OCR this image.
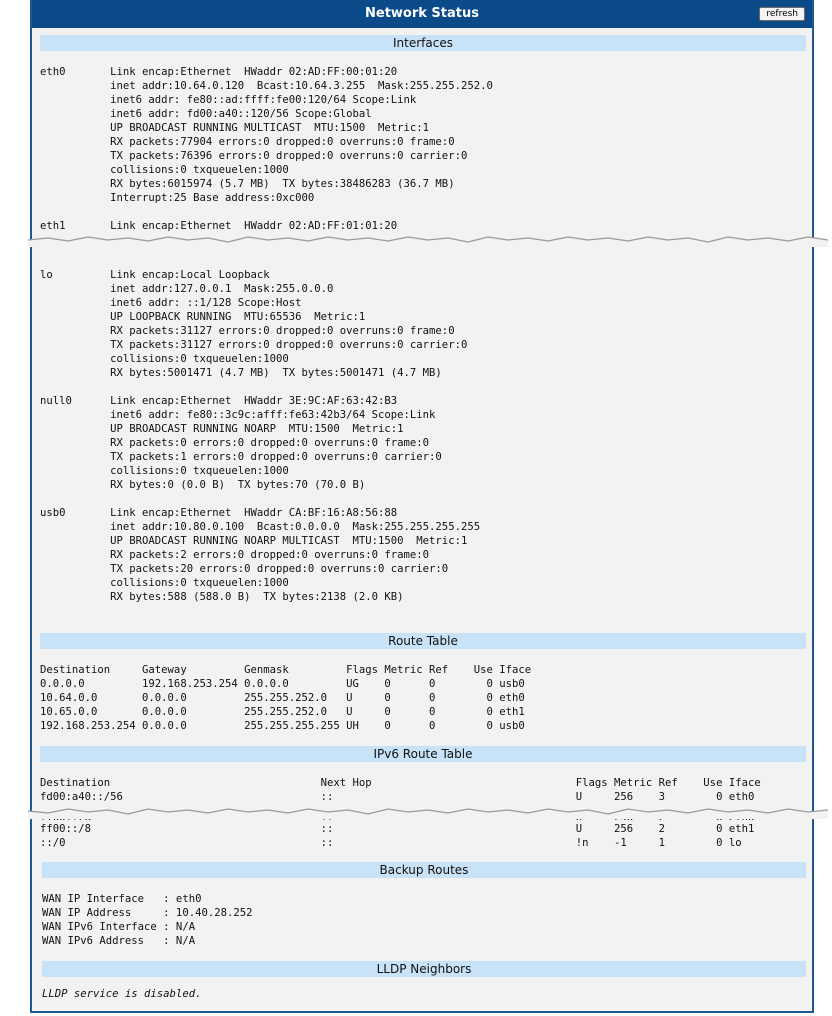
Network Status	refresh
Interfaces
eth0       Link encap:Ethernet  HWaddr 02:AD:FF:00:01:20
inet addr:10.64.0.120  Bcast:10.64.3.255  Mask:255.255.252.0
inet6 addr: fe80::ad:ffff:fe00:120/64 Scope:Link
inet6 addr: fd00:a40::120/56 Scope:Global
UP BROADCAST RUNNING MULTICAST  MTU:1500  Metric:1
RX packets:77904 errors:0 dropped:0 overruns:0 frame:0
TX packets:76396 errors:0 dropped:0 overruns:0 carrier:0
collisions:0 txqueuelen:1000
RX bytes:6015974 (5.7 MB)  TX bytes:38486283 (36.7 MB)
Interrupt:25 Base address:0xc000

eth1       Link encap:Ethernet  HWaddr 02:AD:FF:01:01:20
lo         Link encap:Local Loopback
inet addr:127.0.0.1  Mask:255.0.0.0
inet6 addr: ::1/128 Scope:Host
UP LOOPBACK RUNNING  MTU:65536  Metric:1
RX packets:31127 errors:0 dropped:0 overruns:0 frame:0
TX packets:31127 errors:0 dropped:0 overruns:0 carrier:0
collisions:0 txqueuelen:1000
RX bytes:5001471 (4.7 MB)  TX bytes:5001471 (4.7 MB)

null0      Link encap:Ethernet  HWaddr 3E:9C:AF:63:42:B3
inet6 addr: fe80::3c9c:afff:fe63:42b3/64 Scope:Link
UP BROADCAST RUNNING NOARP  MTU:1500  Metric:1
RX packets:0 errors:0 dropped:0 overruns:0 frame:0
TX packets:1 errors:0 dropped:0 overruns:0 carrier:0
collisions:0 txqueuelen:1000
RX bytes:0 (0.0 B)  TX bytes:70 (70.0 B)

usb0       Link encap:Ethernet  HWaddr CA:BF:16:A8:56:88
inet addr:10.80.0.100  Bcast:0.0.0.0  Mask:255.255.255.255
UP BROADCAST RUNNING NOARP MULTICAST  MTU:1500  Metric:1
RX packets:2 errors:0 dropped:0 overruns:0 frame:0
TX packets:20 errors:0 dropped:0 overruns:0 carrier:0
collisions:0 txqueuelen:1000
RX bytes:588 (588.0 B)  TX bytes:2138 (2.0 KB)
Route Table
Destination     Gateway         Genmask         Flags Metric Ref    Use Iface
0.0.0.0         192.168.253.254 0.0.0.0         UG    0      0        0 usb0
10.64.0.0       0.0.0.0         255.255.252.0   U     0      0        0 eth0
10.65.0.0       0.0.0.0         255.255.252.0   U     0      0        0 eth1
192.168.253.254 0.0.0.0         255.255.255.255 UH    0      0        0 usb0
IPv6 Route Table
Destination                                 Next Hop                                Flags Metric Ref    Use Iface
fd00:a40::/56                               ::                                      U     256    3        0 eth0
ff00::/8                                    ::                                      U     256    2        0 eth1
::/0                                        ::                                      !n    -1     1        0 lo
Backup Routes
WAN IP Interface   : eth0
WAN IP Address     : 10.40.28.252
WAN IPv6 Interface : N/A
WAN IPv6 Address   : N/A
LLDP Neighbors
LLDP service is disabled.
